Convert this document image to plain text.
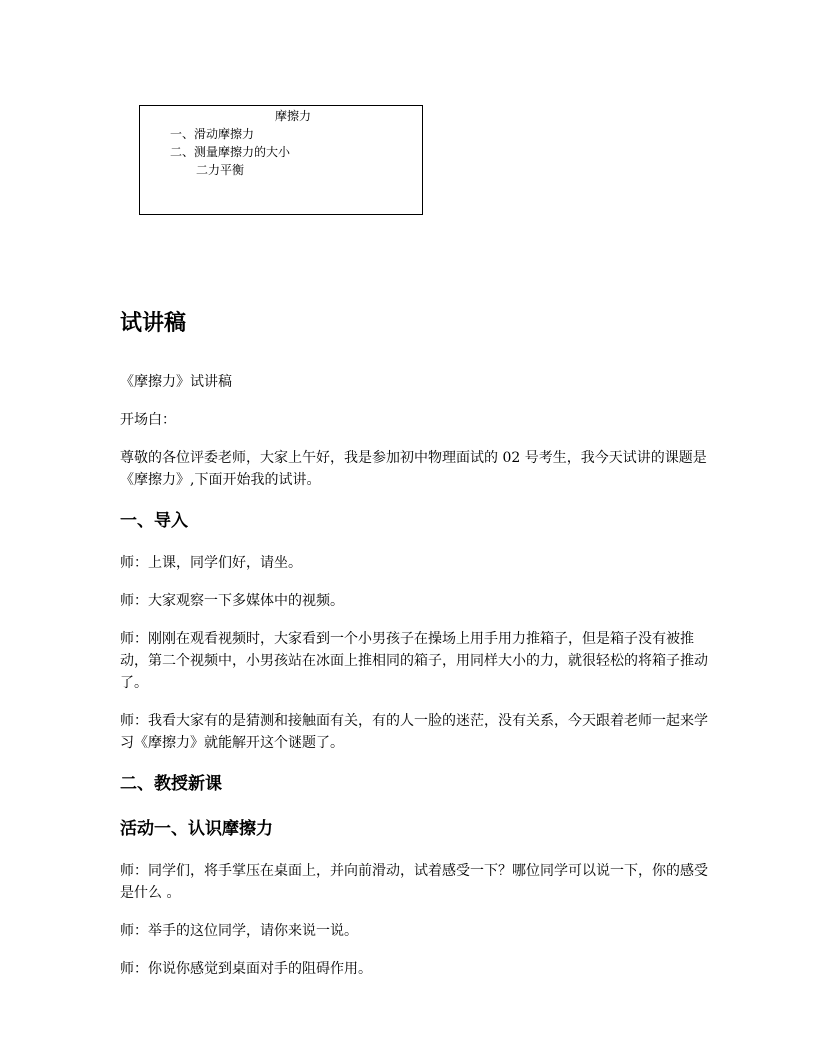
摩擦力
一、滑动摩擦力
二、测量摩擦力的大小
二力平衡
试讲稿

《摩擦力》试讲稿

开场白：

尊敬的各位评委老师，大家上午好，我是参加初中物理面试的 02 号考生，我今天试讲的课题是《摩擦力》,下面开始我的试讲。

一、导入

师：上课，同学们好，请坐。

师：大家观察一下多媒体中的视频。

师：刚刚在观看视频时，大家看到一个小男孩子在操场上用手用力推箱子，但是箱子没有被推动，第二个视频中，小男孩站在冰面上推相同的箱子，用同样大小的力，就很轻松的将箱子推动了。

师：我看大家有的是猜测和接触面有关，有的人一脸的迷茫，没有关系，今天跟着老师一起来学习《摩擦力》就能解开这个谜题了。

二、教授新课
活动一、认识摩擦力

师：同学们，将手掌压在桌面上，并向前滑动，试着感受一下？哪位同学可以说一下，你的感受是什么 。

师：举手的这位同学，请你来说一说。

师：你说你感觉到桌面对手的阻碍作用。
